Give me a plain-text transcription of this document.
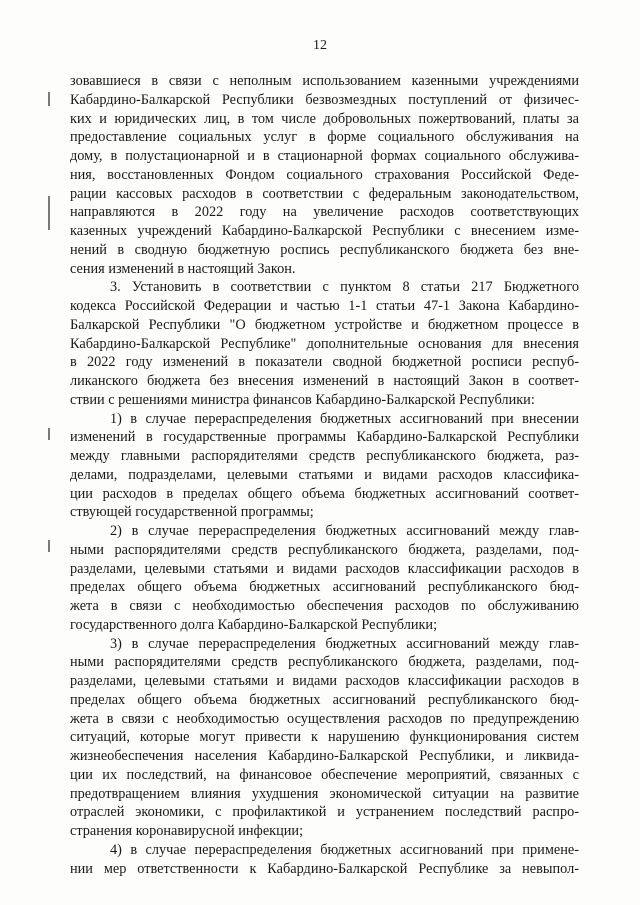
12
зовавшиеся в связи с неполным использованием казенными учреждениями
Кабардино-Балкарской Республики безвозмездных поступлений от физичес-
ких и юридических лиц, в том числе добровольных пожертвований, платы за
предоставление социальных услуг в форме социального обслуживания на
дому, в полустационарной и в стационарной формах социального обслужива-
ния, восстановленных Фондом социального страхования Российской Феде-
рации кассовых расходов в соответствии с федеральным законодательством,
направляются в 2022 году на увеличение расходов соответствующих
казенных учреждений Кабардино-Балкарской Республики с внесением изме-
нений в сводную бюджетную роспись республиканского бюджета без вне-
сения изменений в настоящий Закон.
3. Установить в соответствии с пунктом 8 статьи 217 Бюджетного
кодекса Российской Федерации и частью 1-1 статьи 47-1 Закона Кабардино-
Балкарской Республики "О бюджетном устройстве и бюджетном процессе в
Кабардино-Балкарской Республике" дополнительные основания для внесения
в 2022 году изменений в показатели сводной бюджетной росписи респуб-
ликанского бюджета без внесения изменений в настоящий Закон в соответ-
ствии с решениями министра финансов Кабардино-Балкарской Республики:
1) в случае перераспределения бюджетных ассигнований при внесении
изменений в государственные программы Кабардино-Балкарской Республики
между главными распорядителями средств республиканского бюджета, раз-
делами, подразделами, целевыми статьями и видами расходов классифика-
ции расходов в пределах общего объема бюджетных ассигнований соответ-
ствующей государственной программы;
2) в случае перераспределения бюджетных ассигнований между глав-
ными распорядителями средств республиканского бюджета, разделами, под-
разделами, целевыми статьями и видами расходов классификации расходов в
пределах общего объема бюджетных ассигнований республиканского бюд-
жета в связи с необходимостью обеспечения расходов по обслуживанию
государственного долга Кабардино-Балкарской Республики;
3) в случае перераспределения бюджетных ассигнований между глав-
ными распорядителями средств республиканского бюджета, разделами, под-
разделами, целевыми статьями и видами расходов классификации расходов в
пределах общего объема бюджетных ассигнований республиканского бюд-
жета в связи с необходимостью осуществления расходов по предупреждению
ситуаций, которые могут привести к нарушению функционирования систем
жизнеобеспечения населения Кабардино-Балкарской Республики, и ликвида-
ции их последствий, на финансовое обеспечение мероприятий, связанных с
предотвращением влияния ухудшения экономической ситуации на развитие
отраслей экономики, с профилактикой и устранением последствий распро-
странения коронавирусной инфекции;
4) в случае перераспределения бюджетных ассигнований при примене-
нии мер ответственности к Кабардино-Балкарской Республике за невыпол-
